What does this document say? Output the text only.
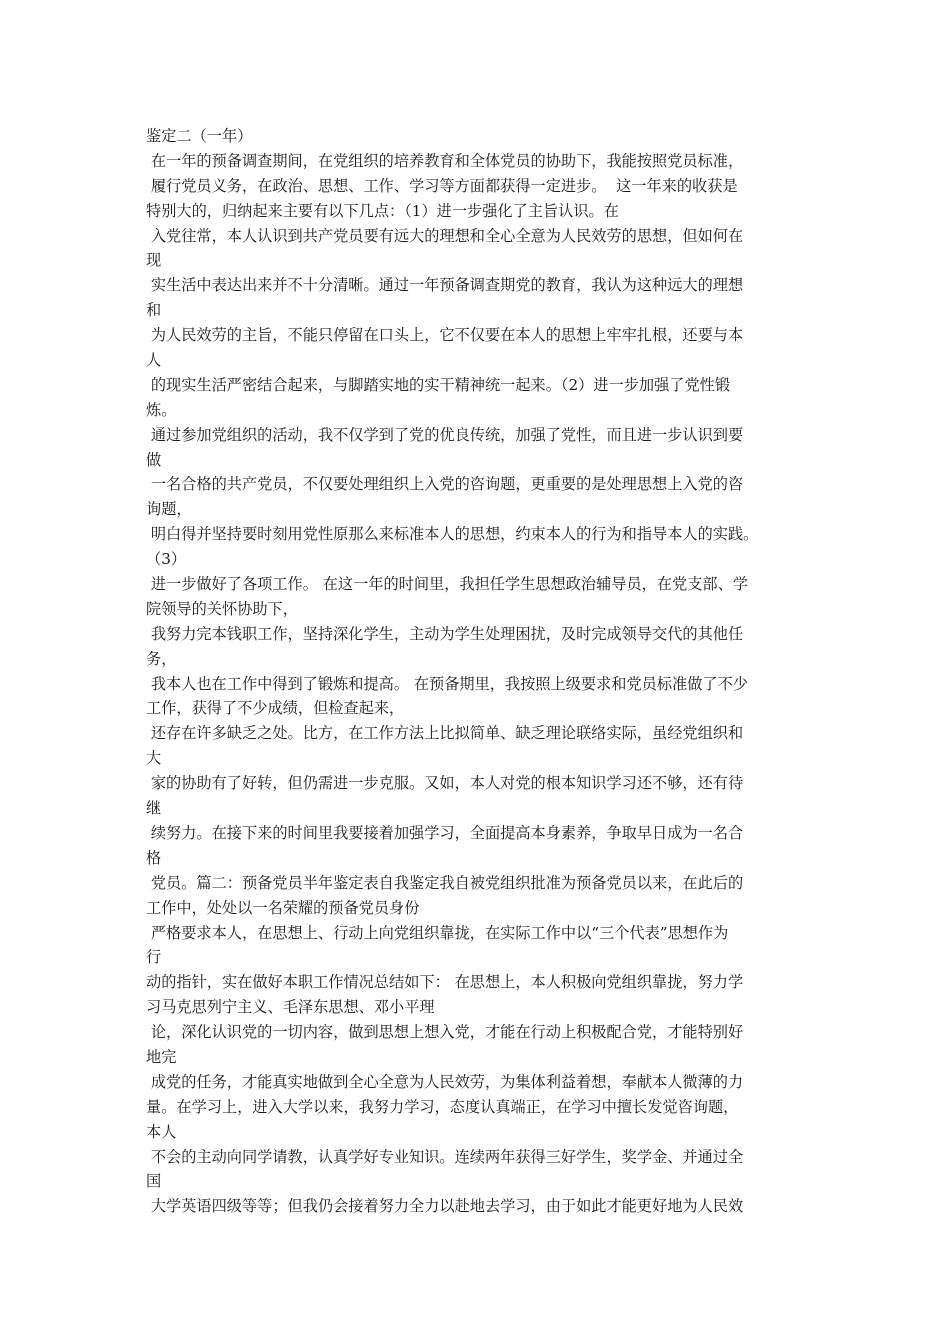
鉴定二（一年）
在一年的预备调查期间，在党组织的培养教育和全体党员的协助下，我能按照党员标准，
履行党员义务，在政治、思想、工作、学习等方面都获得一定进步。  这一年来的收获是
特别大的，归纳起来主要有以下几点：（1）进一步强化了主旨认识。在
入党往常，本人认识到共产党员要有远大的理想和全心全意为人民效劳的思想，但如何在
现
实生活中表达出来并不十分清晰。通过一年预备调查期党的教育，我认为这种远大的理想
和
为人民效劳的主旨，不能只停留在口头上，它不仅要在本人的思想上牢牢扎根，还要与本
人
的现实生活严密结合起来，与脚踏实地的实干精神统一起来。（2）进一步加强了党性锻
炼。
通过参加党组织的活动，我不仅学到了党的优良传统，加强了党性，而且进一步认识到要
做
一名合格的共产党员，不仅要处理组织上入党的咨询题，更重要的是处理思想上入党的咨
询题，
明白得并坚持要时刻用党性原那么来标准本人的思想，约束本人的行为和指导本人的实践。
（3）
进一步做好了各项工作。 在这一年的时间里，我担任学生思想政治辅导员，在党支部、学
院领导的关怀协助下，
我努力完本钱职工作，坚持深化学生，主动为学生处理困扰，及时完成领导交代的其他任
务，
我本人也在工作中得到了锻炼和提高。 在预备期里，我按照上级要求和党员标准做了不少
工作，获得了不少成绩，但检查起来，
还存在许多缺乏之处。比方，在工作方法上比拟简单、缺乏理论联络实际，虽经党组织和
大
家的协助有了好转，但仍需进一步克服。又如，本人对党的根本知识学习还不够，还有待
继
续努力。在接下来的时间里我要接着加强学习，全面提高本身素养，争取早日成为一名合
格
党员。篇二：预备党员半年鉴定表自我鉴定我自被党组织批准为预备党员以来，在此后的
工作中，处处以一名荣耀的预备党员身份
严格要求本人，在思想上、行动上向党组织靠拢，在实际工作中以“三个代表”思想作为
行
动的指针，实在做好本职工作情况总结如下： 在思想上，本人积极向党组织靠拢，努力学
习马克思列宁主义、毛泽东思想、邓小平理
论，深化认识党的一切内容，做到思想上想入党，才能在行动上积极配合党，才能特别好
地完
成党的任务，才能真实地做到全心全意为人民效劳，为集体利益着想，奉献本人微薄的力
量。在学习上，进入大学以来，我努力学习，态度认真端正，在学习中擅长发觉咨询题，
本人
不会的主动向同学请教，认真学好专业知识。连续两年获得三好学生，奖学金、并通过全
国
大学英语四级等等；但我仍会接着努力全力以赴地去学习，由于如此才能更好地为人民效
